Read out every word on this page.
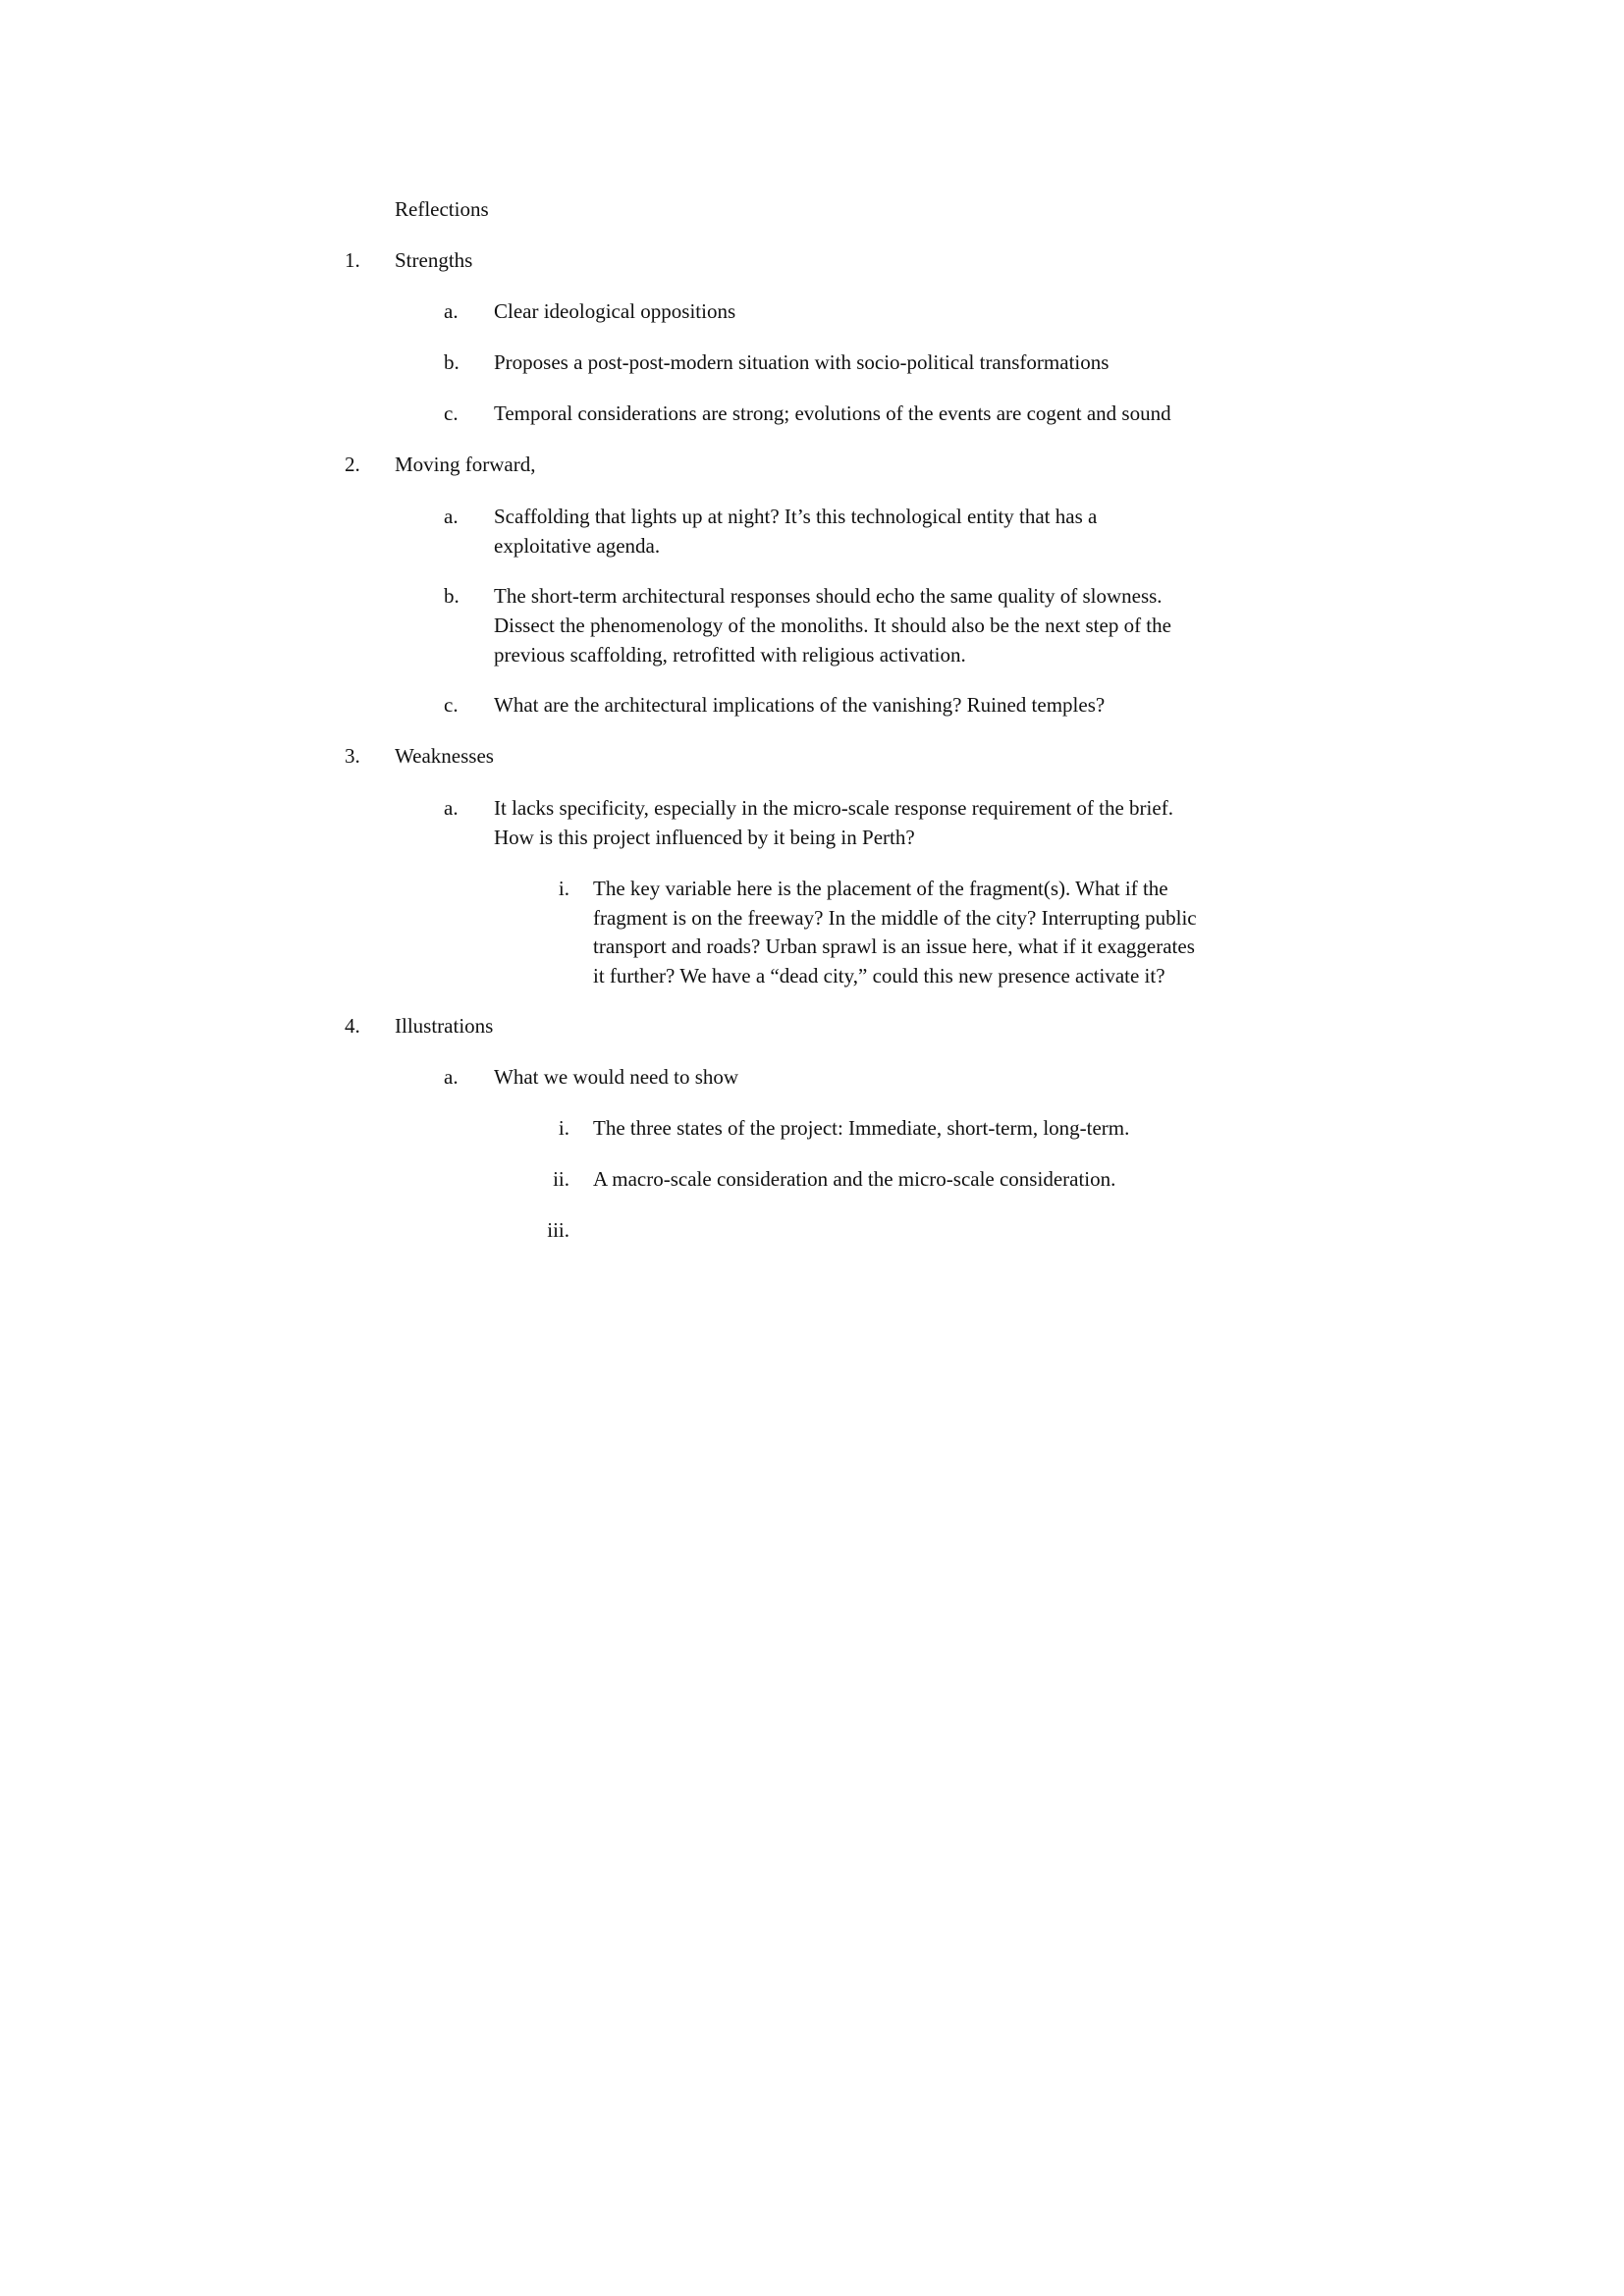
Reflections
1. Strengths
a. Clear ideological oppositions
b. Proposes a post-post-modern situation with socio-political transformations
c. Temporal considerations are strong; evolutions of the events are cogent and sound
2. Moving forward,
a. Scaffolding that lights up at night? It’s this technological entity that has a
exploitative agenda.
b. The short-term architectural responses should echo the same quality of slowness.
Dissect the phenomenology of the monoliths. It should also be the next step of the
previous scaffolding, retrofitted with religious activation.
c. What are the architectural implications of the vanishing? Ruined temples?
3. Weaknesses
a. It lacks specificity, especially in the micro-scale response requirement of the brief.
How is this project influenced by it being in Perth?
i. The key variable here is the placement of the fragment(s). What if the
fragment is on the freeway? In the middle of the city? Interrupting public
transport and roads? Urban sprawl is an issue here, what if it exaggerates
it further? We have a “dead city,” could this new presence activate it?
4. Illustrations
a. What we would need to show
i. The three states of the project: Immediate, short-term, long-term.
ii. A macro-scale consideration and the micro-scale consideration.
iii.
